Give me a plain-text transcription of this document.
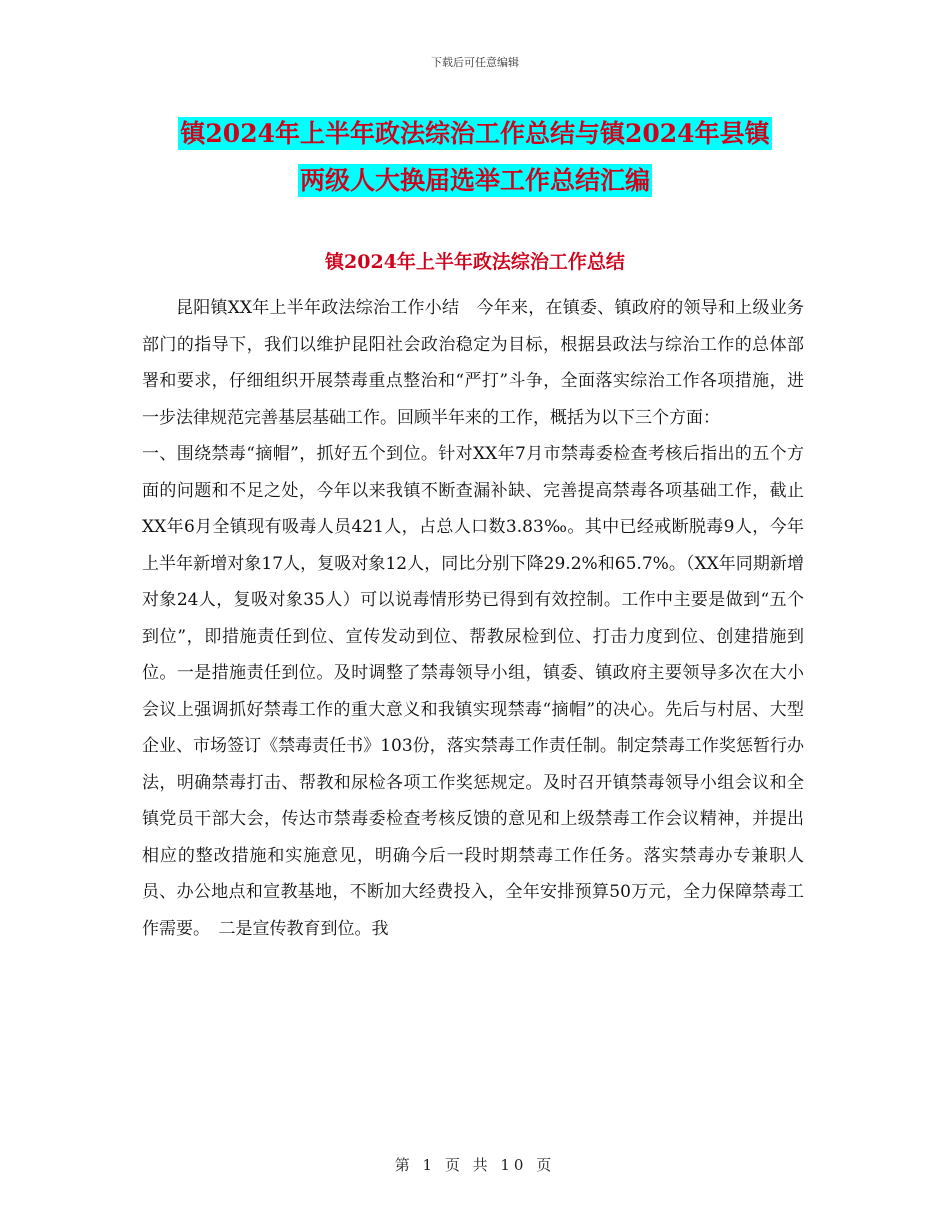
下载后可任意编辑
镇2024年上半年政法综治工作总结与镇2024年县镇
两级人大换届选举工作总结汇编
镇2024年上半年政法综治工作总结

昆阳镇XX年上半年政法综治工作小结　今年来，在镇委、镇政府的领导和上级业务部门的指导下，我们以维护昆阳社会政治稳定为目标，根据县政法与综治工作的总体部署和要求，仔细组织开展禁毒重点整治和“严打”斗争，全面落实综治工作各项措施，进一步法律规范完善基层基础工作。回顾半年来的工作，概括为以下三个方面：

一、围绕禁毒“摘帽”，抓好五个到位。针对XX年7月市禁毒委检查考核后指出的五个方面的问题和不足之处，今年以来我镇不断查漏补缺、完善提高禁毒各项基础工作，截止XX年6月全镇现有吸毒人员421人，占总人口数3.83‰。其中已经戒断脱毒9人，今年上半年新增对象17人，复吸对象12人，同比分别下降29.2%和65.7%。（XX年同期新增对象24人，复吸对象35人）可以说毒情形势已得到有效控制。工作中主要是做到“五个到位”，即措施责任到位、宣传发动到位、帮教尿检到位、打击力度到位、创建措施到位。一是措施责任到位。及时调整了禁毒领导小组，镇委、镇政府主要领导多次在大小会议上强调抓好禁毒工作的重大意义和我镇实现禁毒“摘帽”的决心。先后与村居、大型企业、市场签订《禁毒责任书》103份，落实禁毒工作责任制。制定禁毒工作奖惩暂行办法，明确禁毒打击、帮教和尿检各项工作奖惩规定。及时召开镇禁毒领导小组会议和全镇党员干部大会，传达市禁毒委检查考核反馈的意见和上级禁毒工作会议精神，并提出相应的整改措施和实施意见，明确今后一段时期禁毒工作任务。落实禁毒办专兼职人员、办公地点和宣教基地，不断加大经费投入，全年安排预算50万元，全力保障禁毒工作需要。　二是宣传教育到位。我

第 1 页 共 10 页
